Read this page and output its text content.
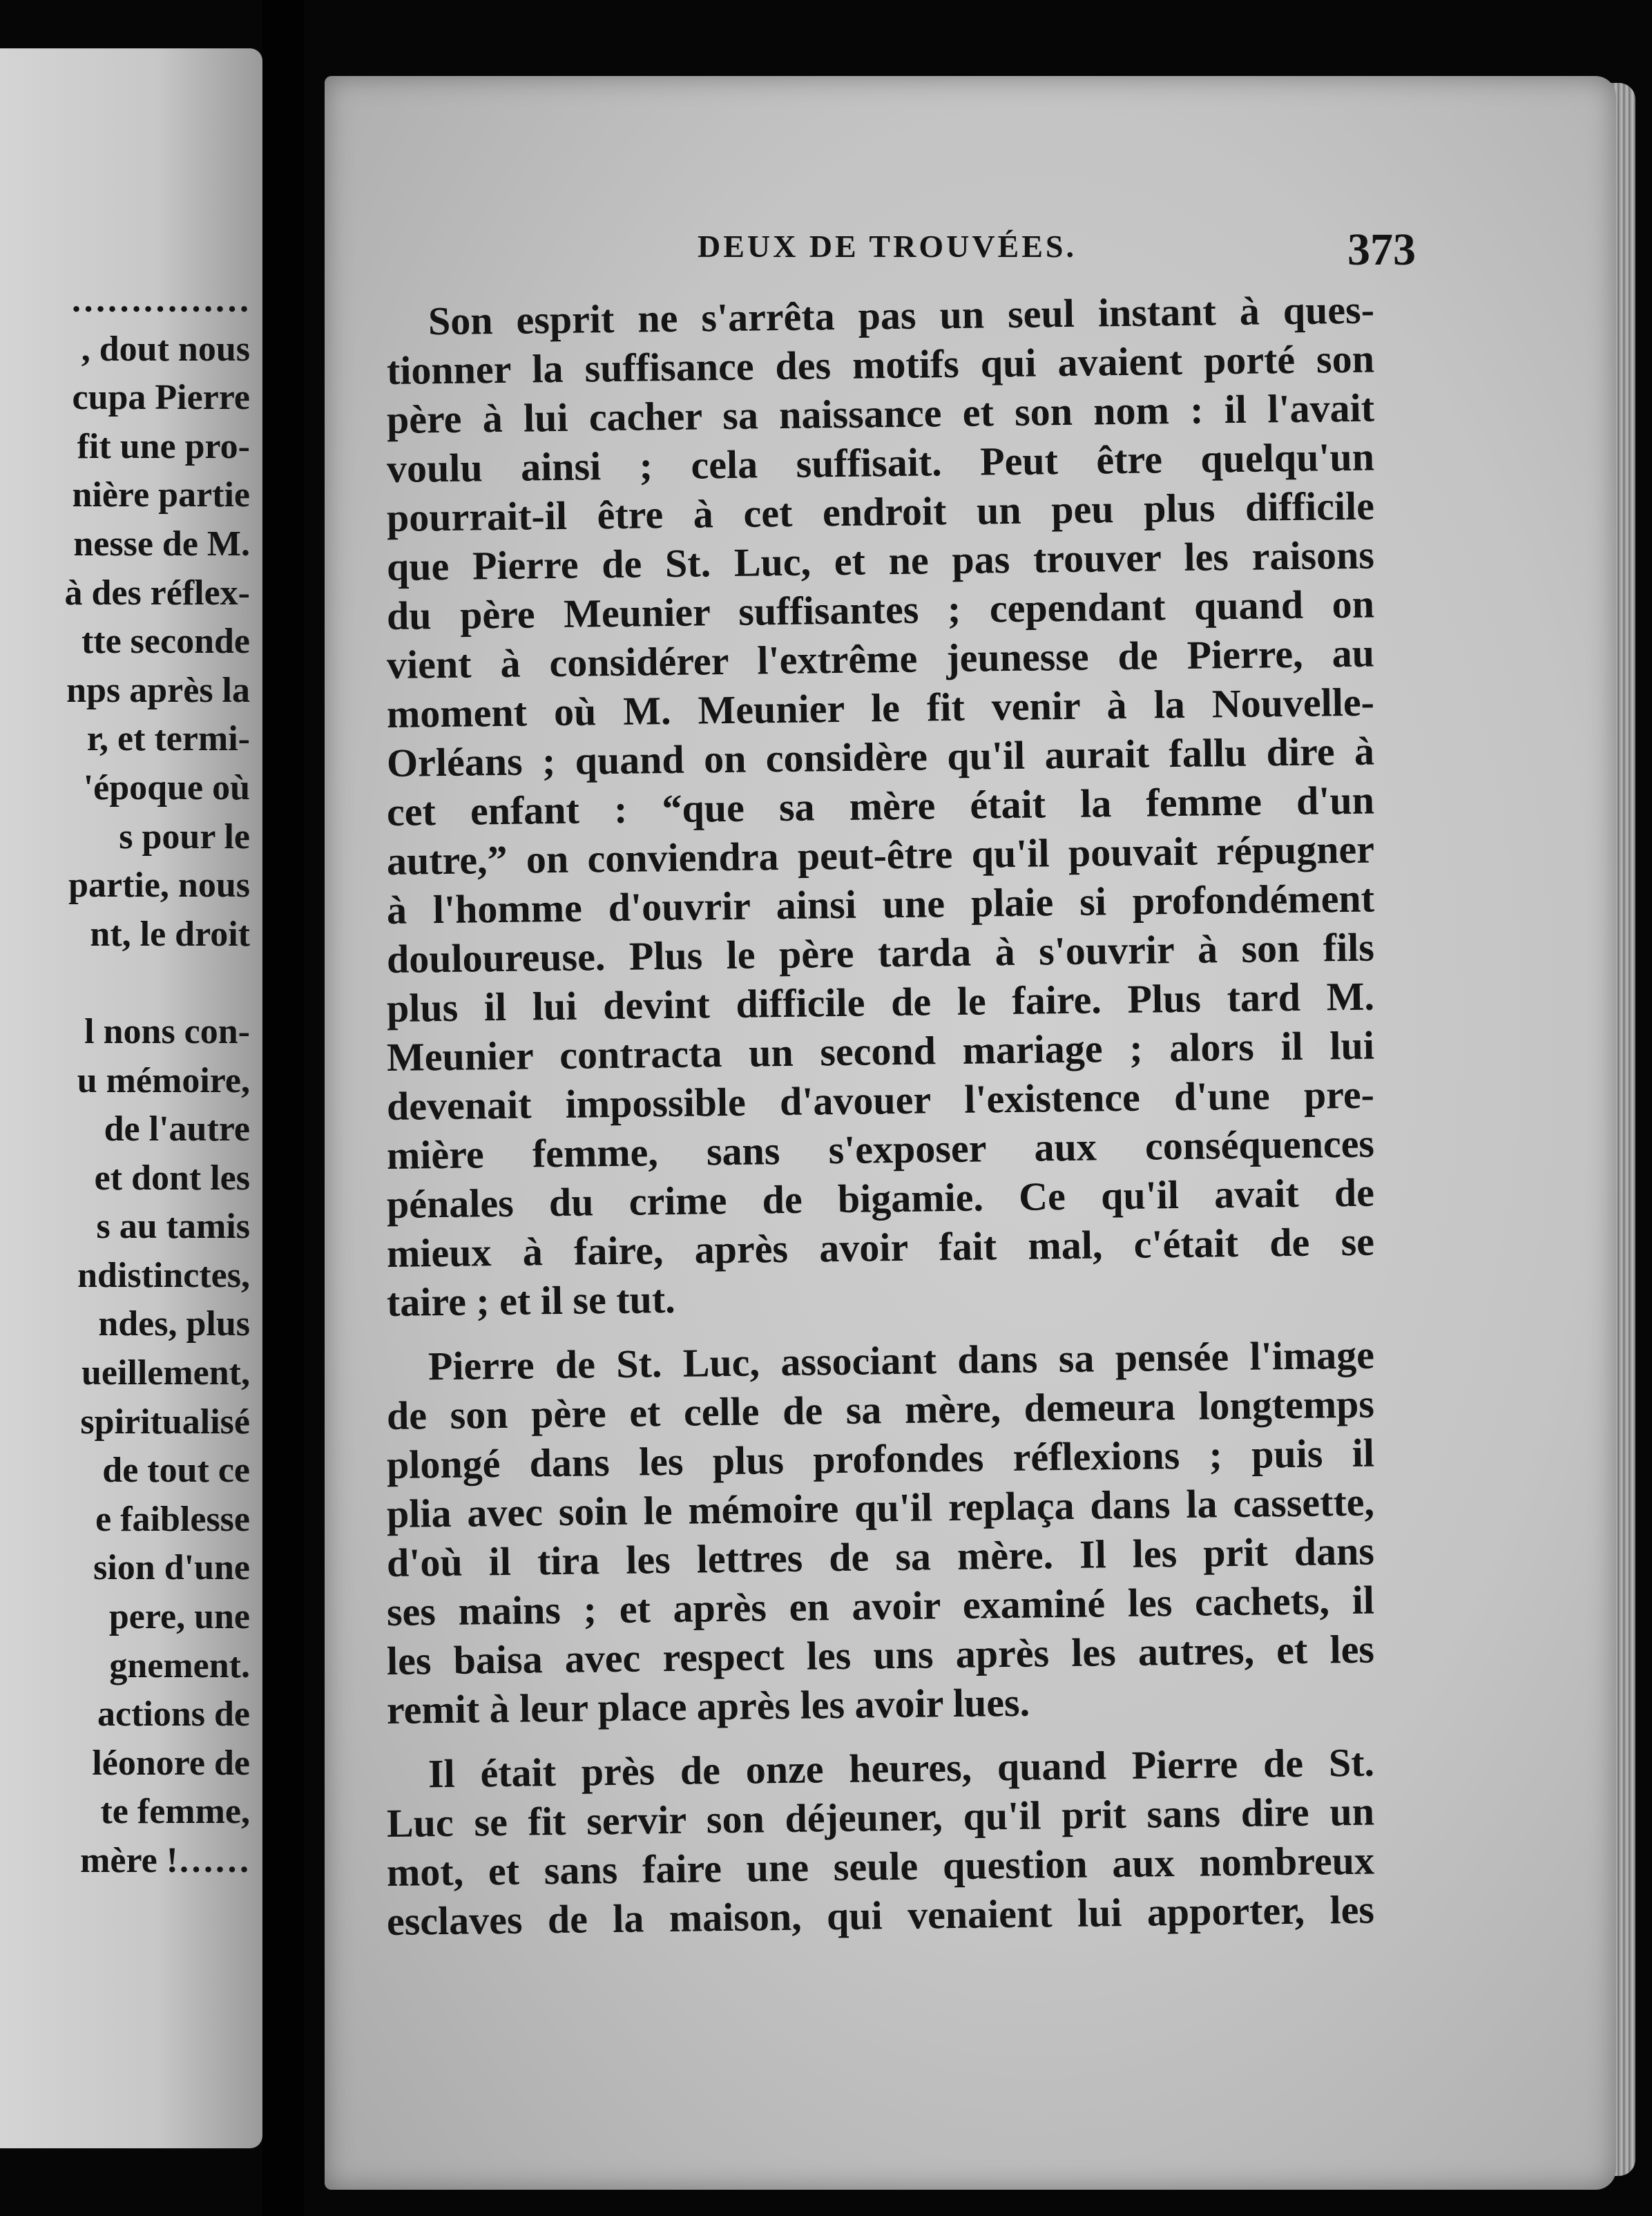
……………
, dout nous
cupa Pierre
fit une pro-
nière partie
nesse de M.
à des réflex-
tte seconde
nps après la
r, et termi-
'époque où
s pour le
partie, nous
nt, le droit
l nons con-
u mémoire,
de l'autre
et dont les
s au tamis
ndistinctes,
ndes, plus
ueillement,
spiritualisé
de tout ce
e faiblesse
sion d'une
pere, une
gnement.
actions de
léonore de
te femme,
mère !……
DEUX DE TROUVÉES.	373
Son esprit ne s'arrêta pas un seul instant à ques-
tionner la suffisance des motifs qui avaient porté son
père à lui cacher sa naissance et son nom : il l'avait
voulu ainsi ; cela suffisait. Peut être quelqu'un
pourrait-il être à cet endroit un peu plus difficile
que Pierre de St. Luc, et ne pas trouver les raisons
du père Meunier suffisantes ; cependant quand on
vient à considérer l'extrême jeunesse de Pierre, au
moment où M. Meunier le fit venir à la Nouvelle-
Orléans ; quand on considère qu'il aurait fallu dire à
cet enfant : “que sa mère était la femme d'un
autre,” on conviendra peut-être qu'il pouvait répugner
à l'homme d'ouvrir ainsi une plaie si profondément
douloureuse. Plus le père tarda à s'ouvrir à son fils
plus il lui devint difficile de le faire. Plus tard M.
Meunier contracta un second mariage ; alors il lui
devenait impossible d'avouer l'existence d'une pre-
mière femme, sans s'exposer aux conséquences
pénales du crime de bigamie. Ce qu'il avait de
mieux à faire, après avoir fait mal, c'était de se
taire ; et il se tut.
Pierre de St. Luc, associant dans sa pensée l'image
de son père et celle de sa mère, demeura longtemps
plongé dans les plus profondes réflexions ; puis il
plia avec soin le mémoire qu'il replaça dans la cassette,
d'où il tira les lettres de sa mère. Il les prit dans
ses mains ; et après en avoir examiné les cachets, il
les baisa avec respect les uns après les autres, et les
remit à leur place après les avoir lues.
Il était près de onze heures, quand Pierre de St.
Luc se fit servir son déjeuner, qu'il prit sans dire un
mot, et sans faire une seule question aux nombreux
esclaves de la maison, qui venaient lui apporter, les
